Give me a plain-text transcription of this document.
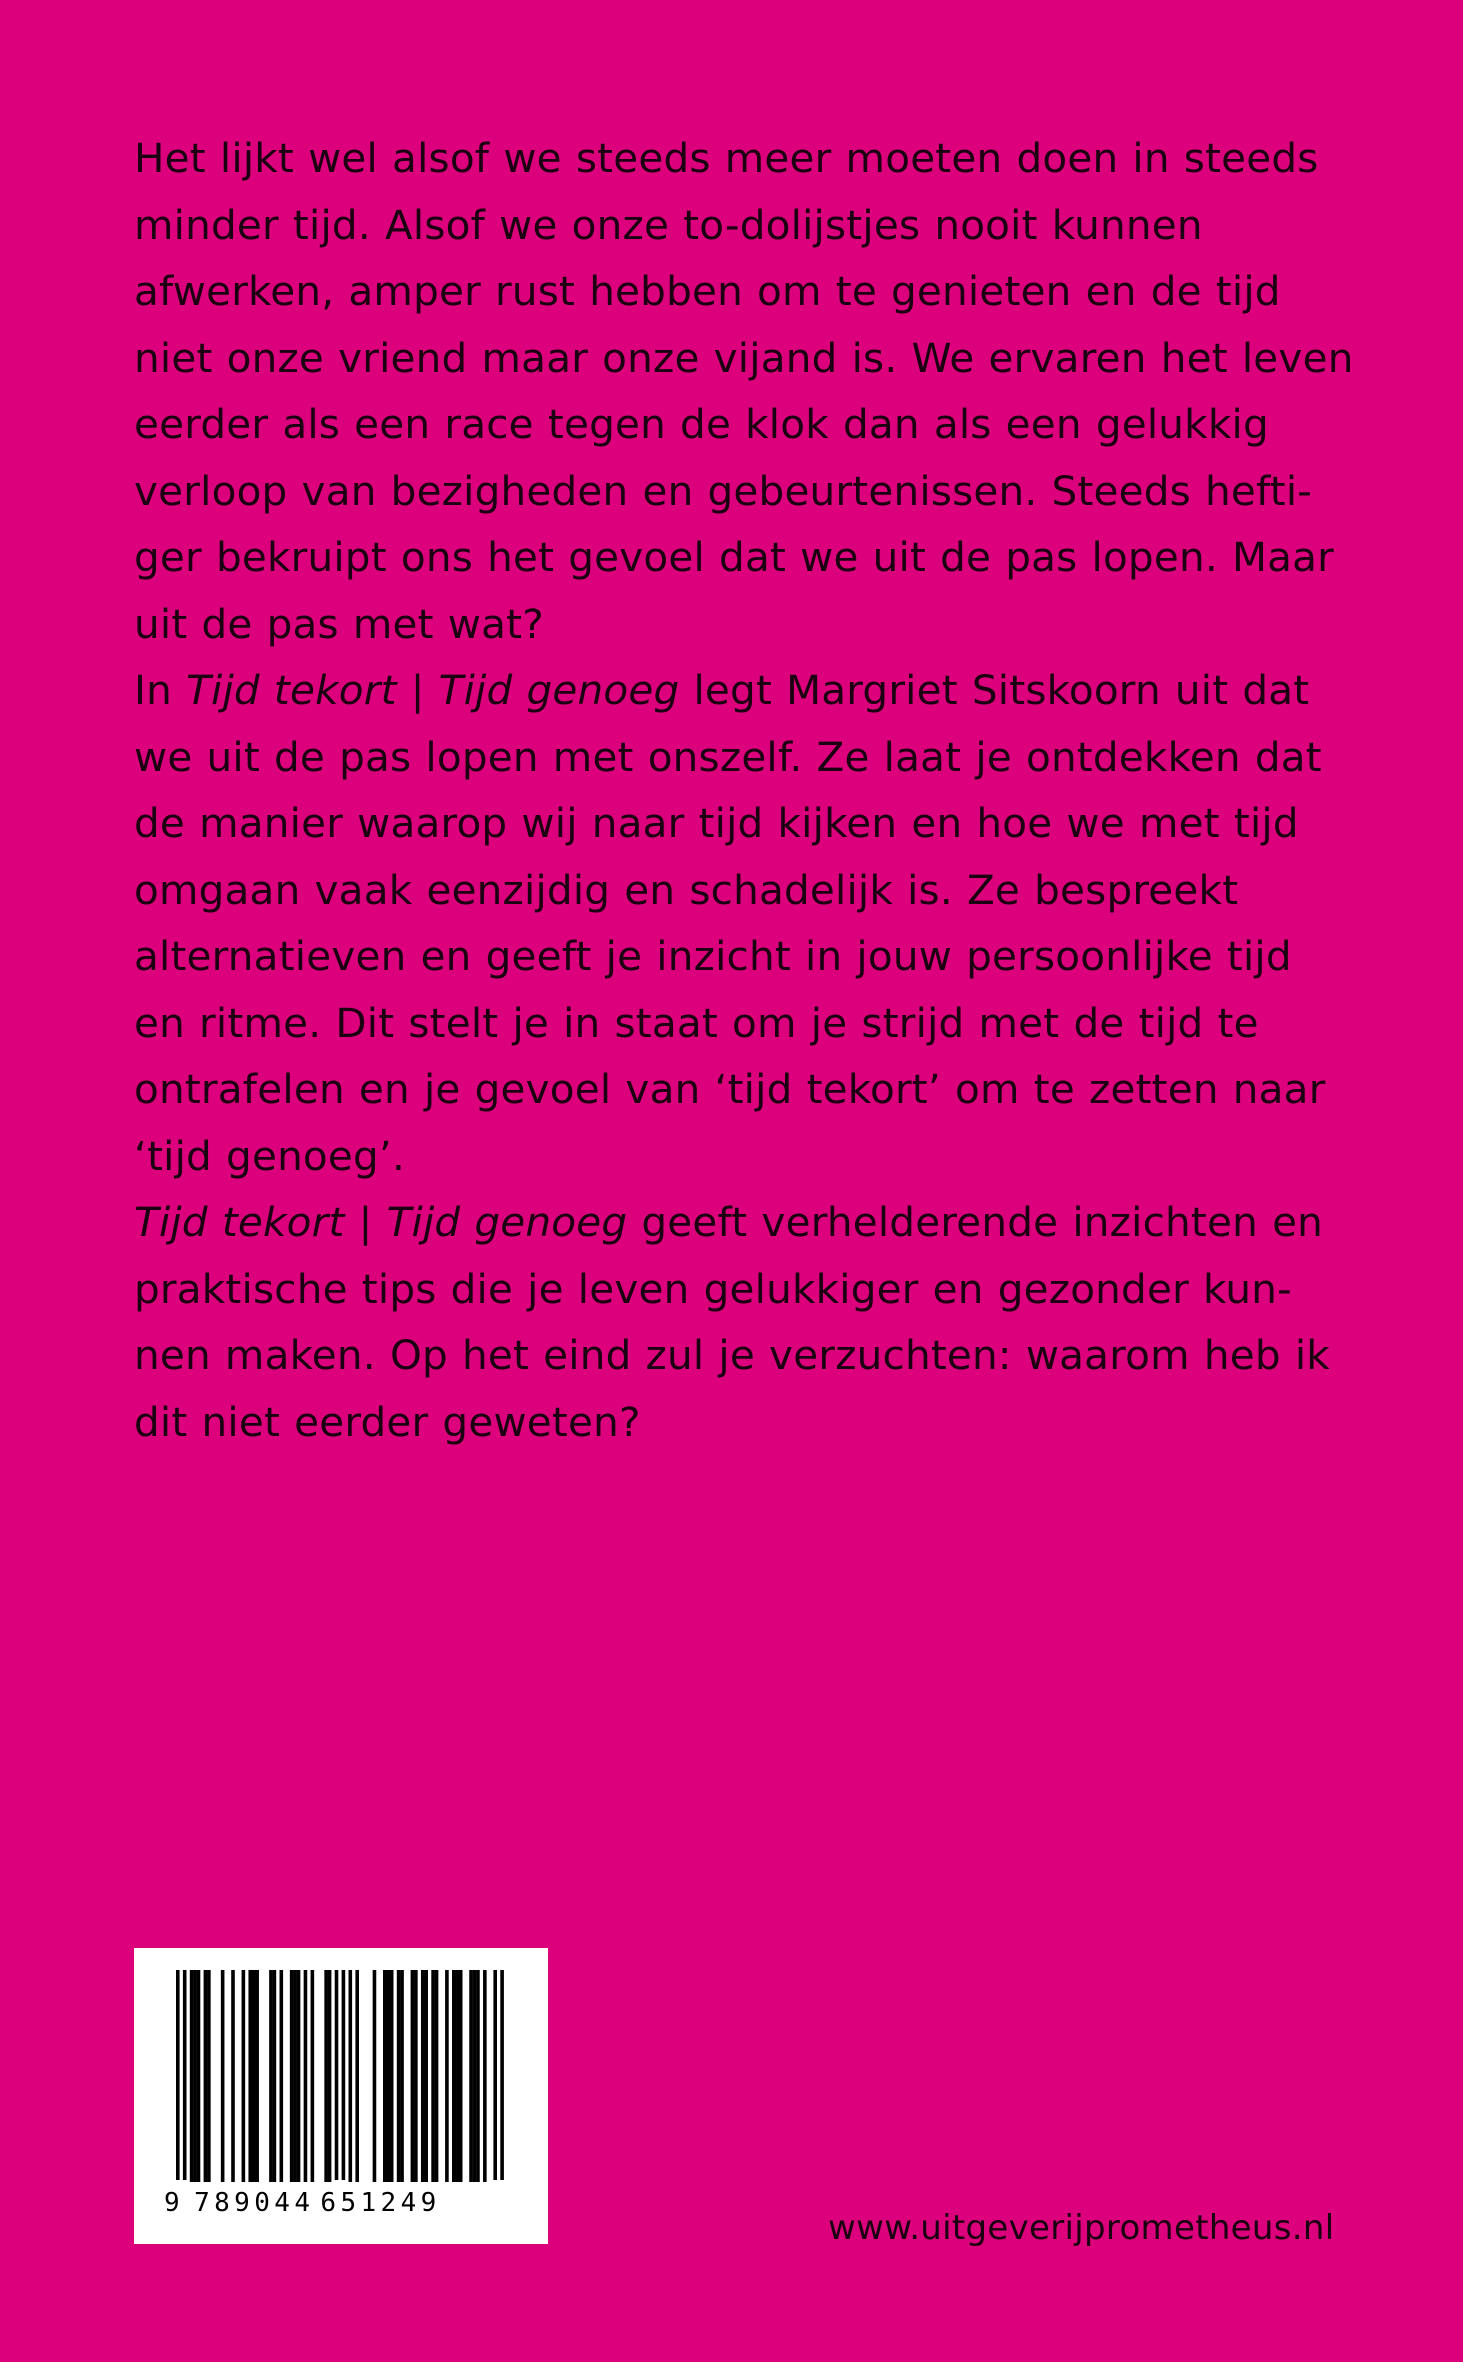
Het lijkt wel alsof we steeds meer moeten doen in steeds
minder tijd. Alsof we onze to-dolijstjes nooit kunnen
afwerken, amper rust hebben om te genieten en de tijd
niet onze vriend maar onze vijand is. We ervaren het leven
eerder als een race tegen de klok dan als een gelukkig
verloop van bezigheden en gebeurtenissen. Steeds hefti-
ger bekruipt ons het gevoel dat we uit de pas lopen. Maar
uit de pas met wat?
In Tijd tekort | Tijd genoeg legt Margriet Sitskoorn uit dat
we uit de pas lopen met onszelf. Ze laat je ontdekken dat
de manier waarop wij naar tijd kijken en hoe we met tijd
omgaan vaak eenzijdig en schadelijk is. Ze bespreekt
alternatieven en geeft je inzicht in jouw persoonlijke tijd
en ritme. Dit stelt je in staat om je strijd met de tijd te
ontrafelen en je gevoel van ‘tijd tekort’ om te zetten naar
‘tijd genoeg’.
Tijd tekort | Tijd genoeg geeft verhelderende inzichten en
praktische tips die je leven gelukkiger en gezonder kun-
nen maken. Op het eind zul je verzuchten: waarom heb ik
dit niet eerder geweten?
9 789044 651249
www.uitgeverijprometheus.nl
